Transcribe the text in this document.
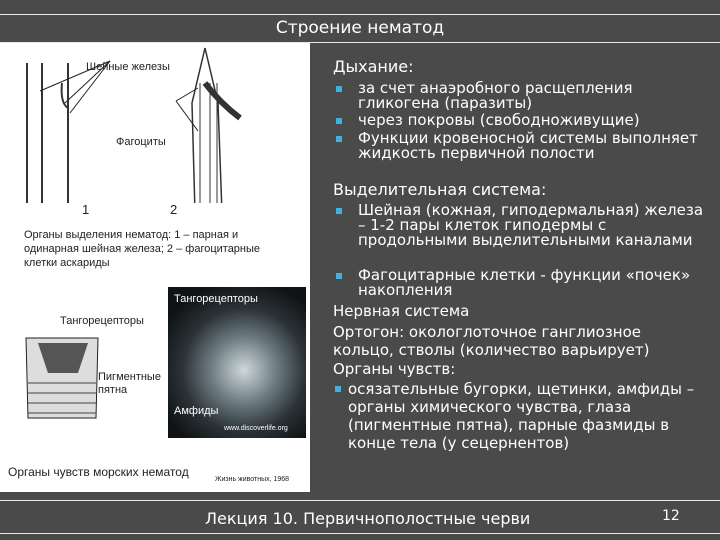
Строение нематод
Шейные железы
Фагоциты
1	2
Органы выделения нематод: 1 – парная и одинарная шейная железа; 2 – фагоцитарные клетки аскариды
Тангорецепторы
Пигментные пятна
Тангорецепторы
Амфиды
www.discoverlife.org
Органы чувств морских нематод
Жизнь животных, 1968
Дыхание:
за счет анаэробного расщепления гликогена (паразиты)
через покровы (свободноживущие)
Функции кровеносной системы выполняет жидкость первичной полости
Выделительная система:
Шейная (кожная, гиподермальная) железа – 1-2 пары клеток гиподермы с продольными выделительными каналами
Фагоцитарные клетки - функции «почек» накопления
Нервная система
Ортогон: окологлоточное ганглиозное кольцо, стволы (количество варьирует)
Органы чувств:
осязательные бугорки, щетинки, амфиды – органы химического чувства, глаза (пигментные пятна), парные фазмиды в конце тела (у сецернентов)
Лекция 10. Первичнополостные черви	12
